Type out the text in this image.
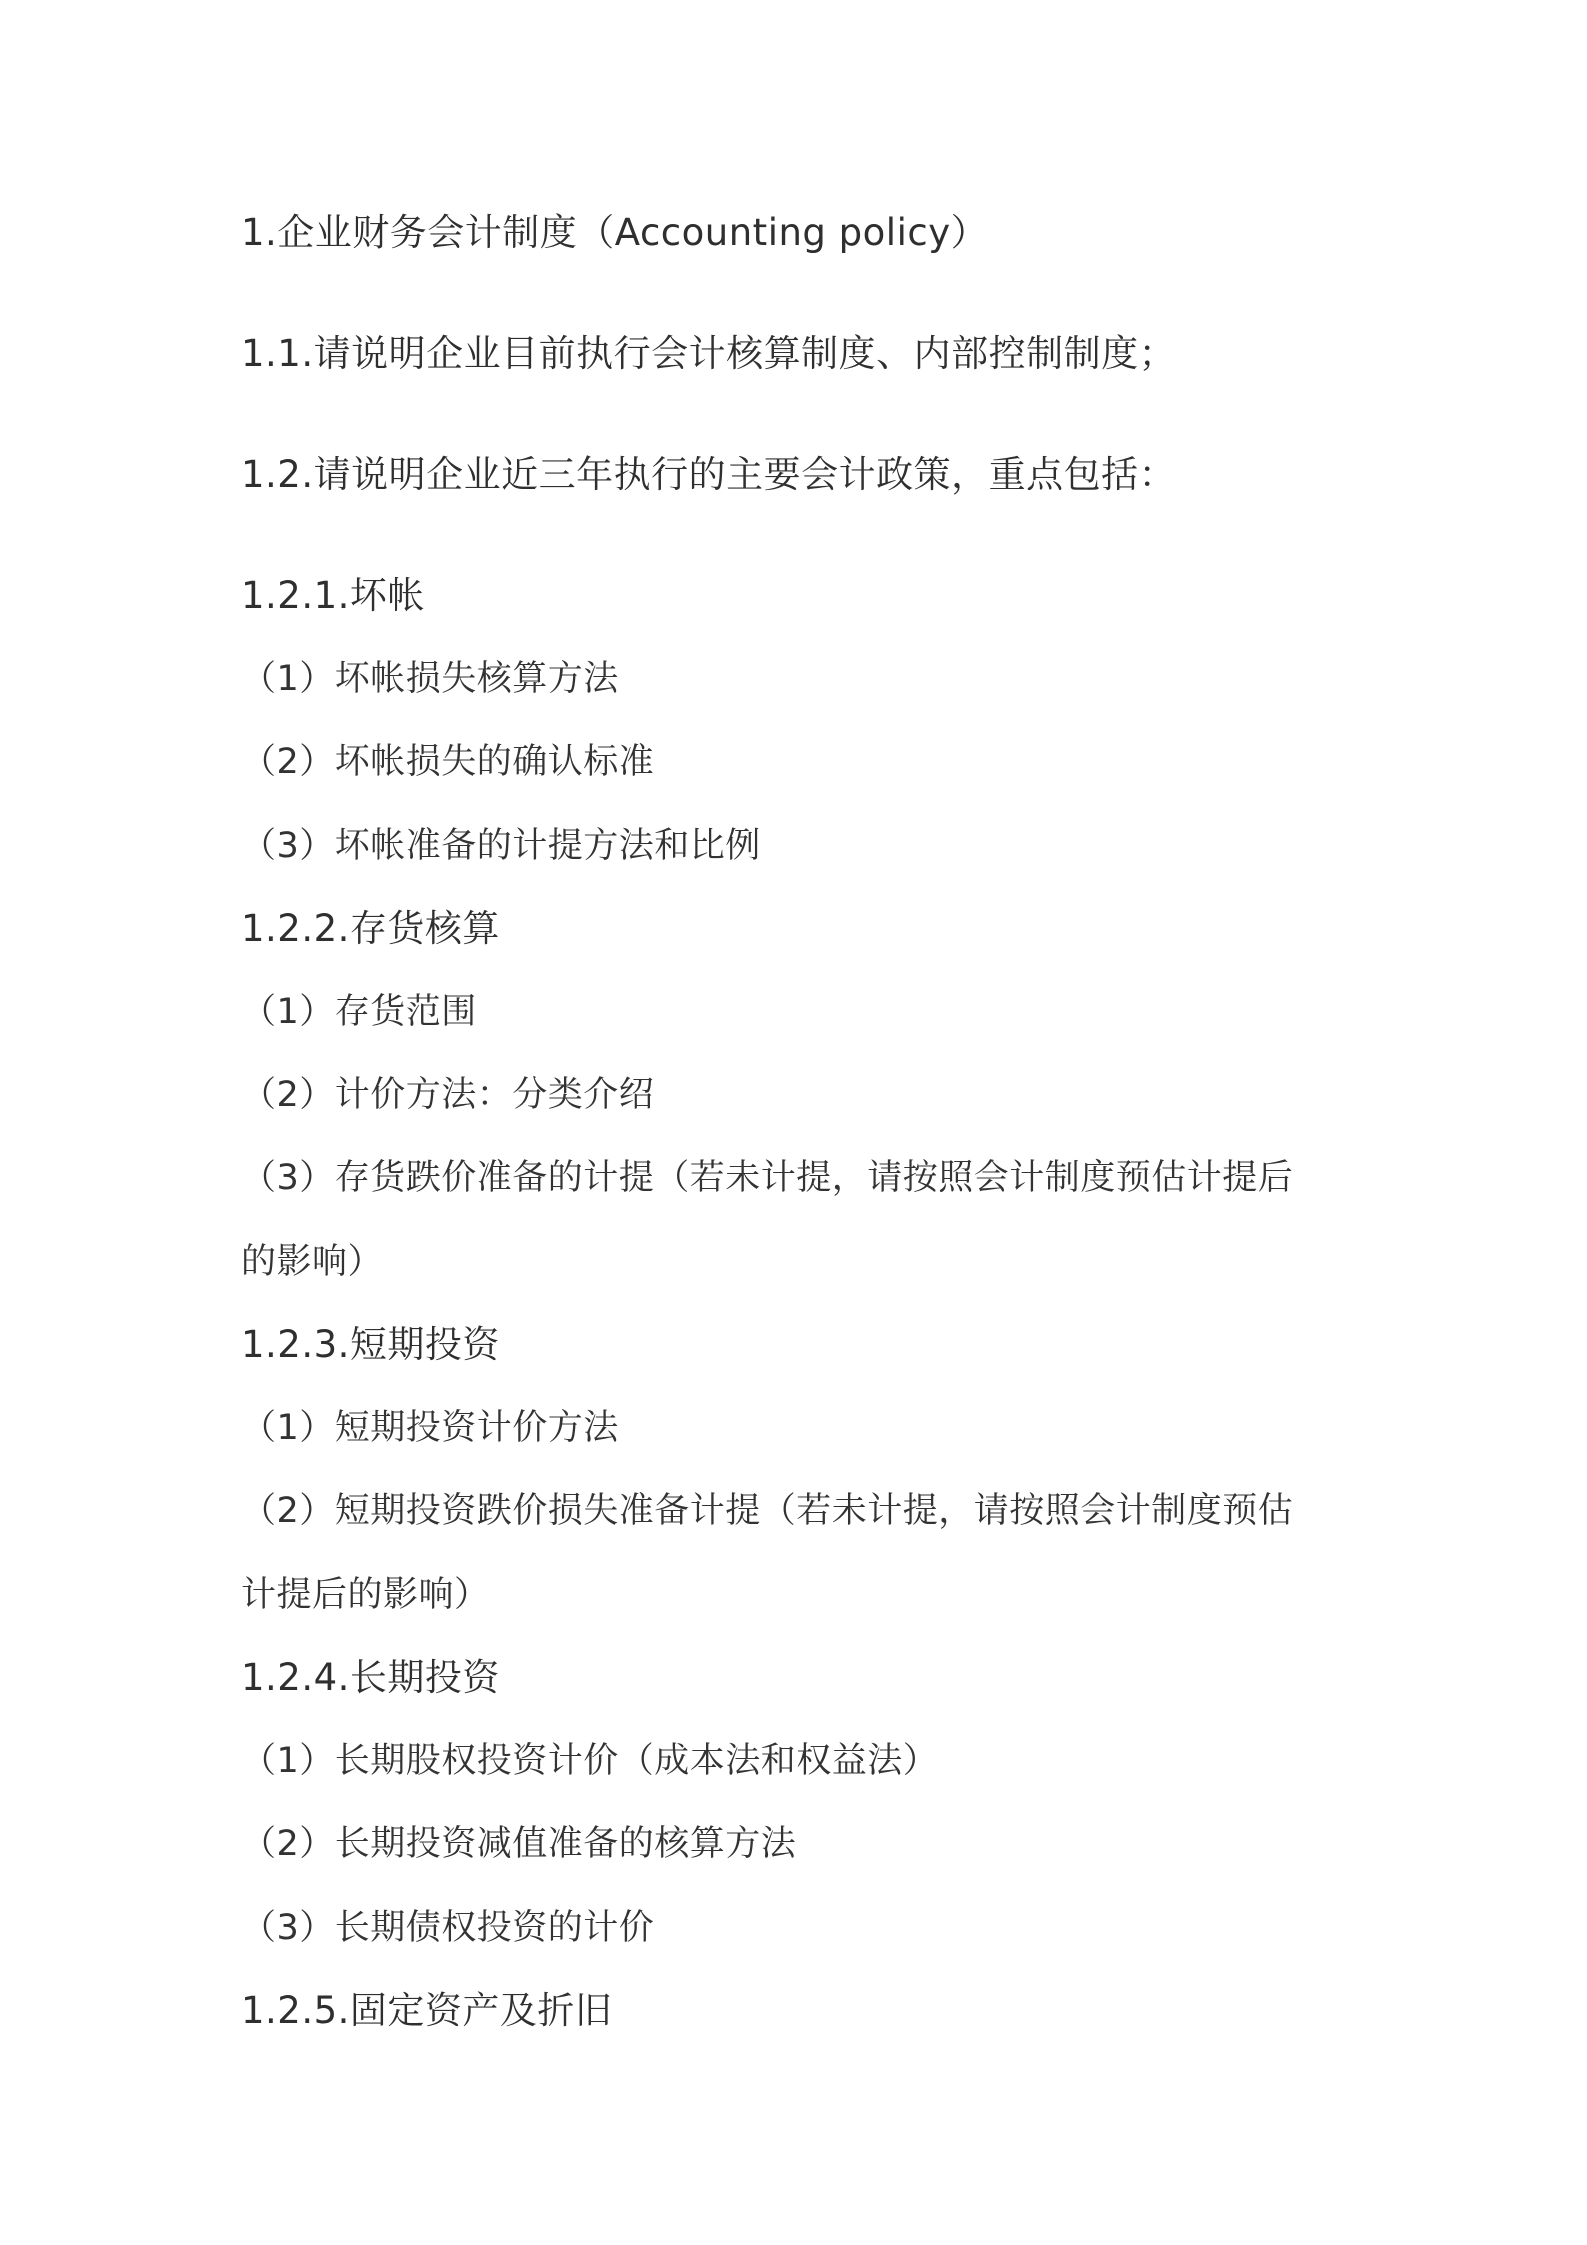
1.企业财务会计制度（Accounting policy）
1.1.请说明企业目前执行会计核算制度、内部控制制度；
1.2.请说明企业近三年执行的主要会计政策，重点包括：
1.2.1.坏帐
（1）坏帐损失核算方法
（2）坏帐损失的确认标准
（3）坏帐准备的计提方法和比例
1.2.2.存货核算
（1）存货范围
（2）计价方法：分类介绍
（3）存货跌价准备的计提（若未计提，请按照会计制度预估计提后
的影响）
1.2.3.短期投资
（1）短期投资计价方法
（2）短期投资跌价损失准备计提（若未计提，请按照会计制度预估
计提后的影响）
1.2.4.长期投资
（1）长期股权投资计价（成本法和权益法）
（2）长期投资减值准备的核算方法
（3）长期债权投资的计价
1.2.5.固定资产及折旧
